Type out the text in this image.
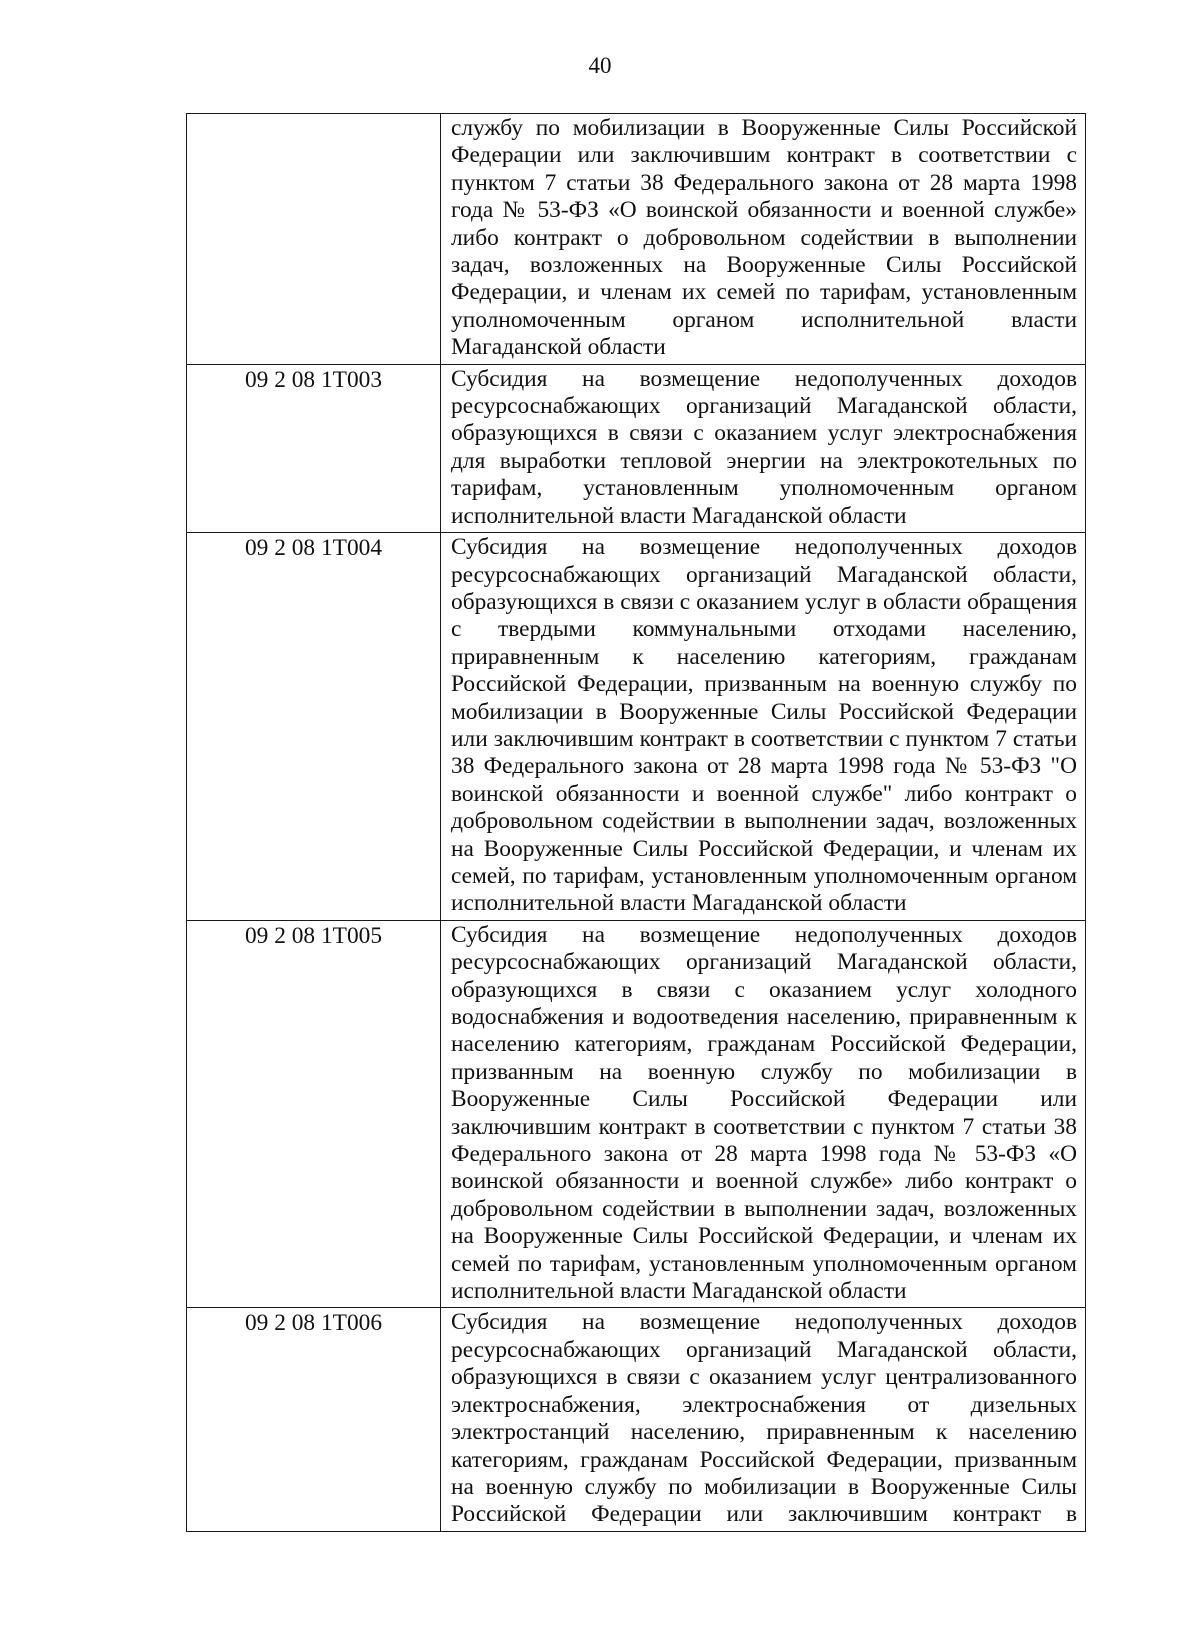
40

	службу по мобилизации в Вооруженные Силы Российской Федерации или заключившим контракт в соответствии с пунктом 7 статьи 38 Федерального закона от 28 марта 1998 года № 53-ФЗ «О воинской обязанности и военной службе» либо контракт о добровольном содействии в выполнении задач, возложенных на Вооруженные Силы Российской Федерации, и членам их семей по тарифам, установленным уполномоченным органом исполнительной власти Магаданской области

09 2 08 1Т003	Субсидия на возмещение недополученных доходов ресурсоснабжающих организаций Магаданской области, образующихся в связи с оказанием услуг электроснабжения для выработки тепловой энергии на электрокотельных по тарифам, установленным уполномоченным органом исполнительной власти Магаданской области

09 2 08 1Т004	Субсидия на возмещение недополученных доходов ресурсоснабжающих организаций Магаданской области, образующихся в связи с оказанием услуг в области обращения с твердыми коммунальными отходами населению, приравненным к населению категориям, гражданам Российской Федерации, призванным на военную службу по мобилизации в Вооруженные Силы Российской Федерации или заключившим контракт в соответствии с пунктом 7 статьи 38 Федерального закона от 28 марта 1998 года № 53-ФЗ "О воинской обязанности и военной службе" либо контракт о добровольном содействии в выполнении задач, возложенных на Вооруженные Силы Российской Федерации, и членам их семей, по тарифам, установленным уполномоченным органом исполнительной власти Магаданской области

09 2 08 1Т005	Субсидия на возмещение недополученных доходов ресурсоснабжающих организаций Магаданской области, образующихся в связи с оказанием услуг холодного водоснабжения и водоотведения населению, приравненным к населению категориям, гражданам Российской Федерации, призванным на военную службу по мобилизации в Вооруженные Силы Российской Федерации или заключившим контракт в соответствии с пунктом 7 статьи 38 Федерального закона от 28 марта 1998 года № 53-ФЗ «О воинской обязанности и военной службе» либо контракт о добровольном содействии в выполнении задач, возложенных на Вооруженные Силы Российской Федерации, и членам их семей по тарифам, установленным уполномоченным органом исполнительной власти Магаданской области

09 2 08 1Т006	Субсидия на возмещение недополученных доходов ресурсоснабжающих организаций Магаданской области, образующихся в связи с оказанием услуг централизованного электроснабжения, электроснабжения от дизельных электростанций населению, приравненным к населению категориям, гражданам Российской Федерации, призванным на военную службу по мобилизации в Вооруженные Силы Российской Федерации или заключившим контракт в
